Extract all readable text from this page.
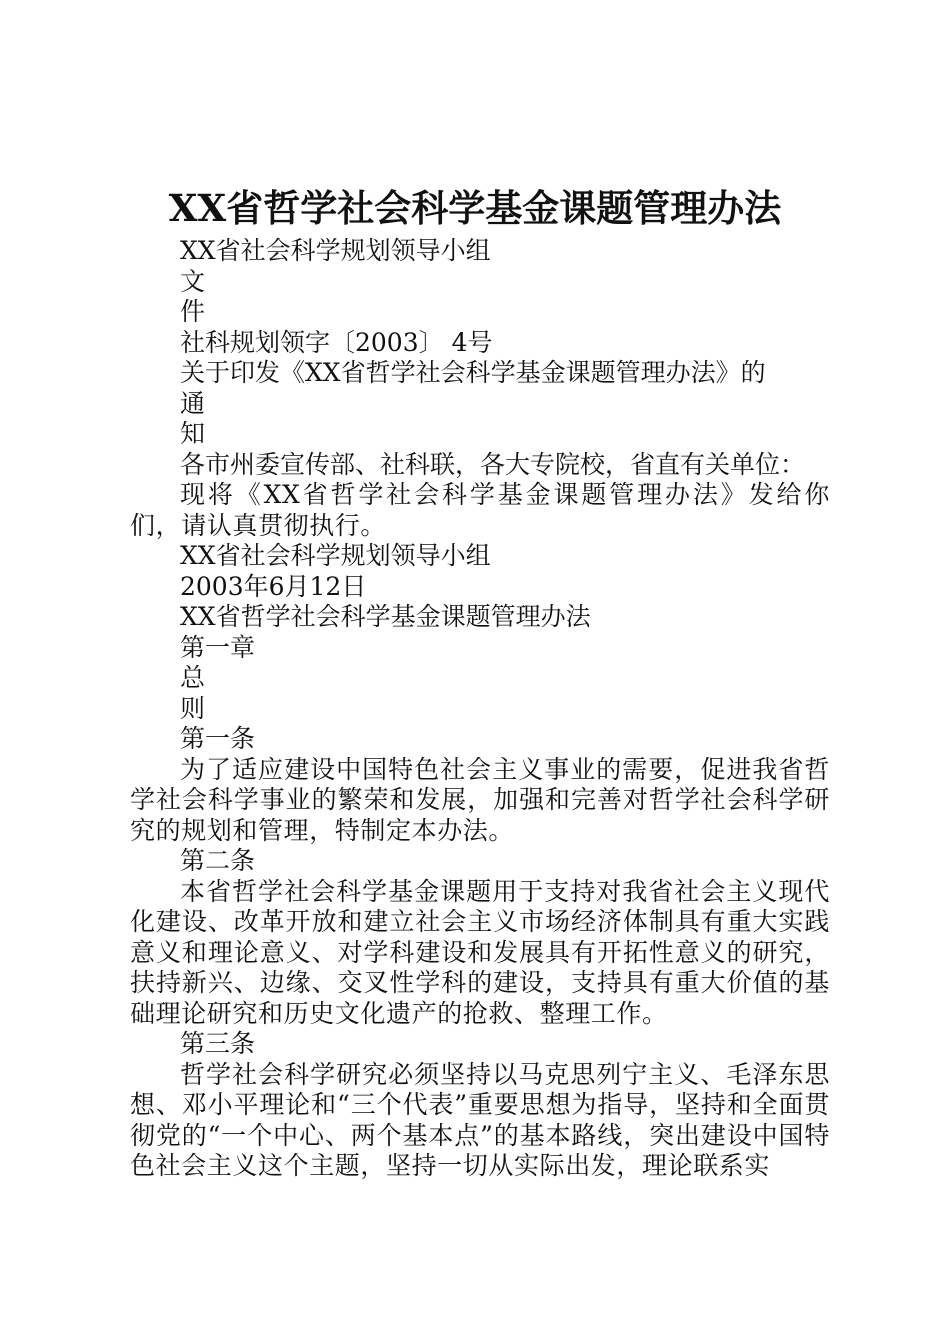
XX省哲学社会科学基金课题管理办法
XX省社会科学规划领导小组
文
件
社科规划领字〔2003〕 4号
关于印发《XX省哲学社会科学基金课题管理办法》的
通
知
各市州委宣传部、社科联，各大专院校，省直有关单位：
现将《XX省哲学社会科学基金课题管理办法》发给你们，请认真贯彻执行。
XX省社会科学规划领导小组
2003年6月12日
XX省哲学社会科学基金课题管理办法
第一章
总
则
第一条
为了适应建设中国特色社会主义事业的需要，促进我省哲学社会科学事业的繁荣和发展，加强和完善对哲学社会科学研究的规划和管理，特制定本办法。
第二条
本省哲学社会科学基金课题用于支持对我省社会主义现代化建设、改革开放和建立社会主义市场经济体制具有重大实践意义和理论意义、对学科建设和发展具有开拓性意义的研究，扶持新兴、边缘、交叉性学科的建设，支持具有重大价值的基础理论研究和历史文化遗产的抢救、整理工作。
第三条
哲学社会科学研究必须坚持以马克思列宁主义、毛泽东思想、邓小平理论和“三个代表”重要思想为指导，坚持和全面贯彻党的“一个中心、两个基本点”的基本路线，突出建设中国特色社会主义这个主题，坚持一切从实际出发，理论联系实
